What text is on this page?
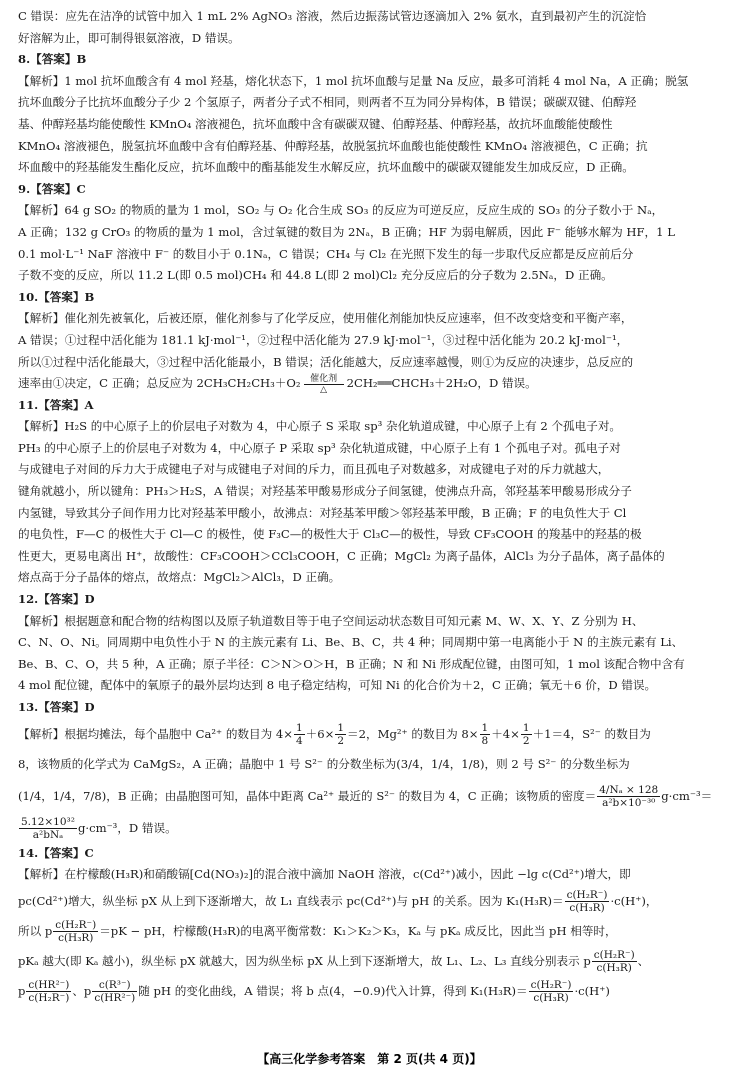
C 错误：应先在洁净的试管中加入 1 mL 2% AgNO₃ 溶液，然后边振荡试管边逐滴加入 2% 氨水，直到最初产生的沉淀恰

好溶解为止，即可制得银氨溶液，D 错误。

8.【答案】B

【解析】1 mol 抗坏血酸含有 4 mol 羟基，熔化状态下，1 mol 抗坏血酸与足量 Na 反应，最多可消耗 4 mol Na，A 正确；脱氢

抗坏血酸分子比抗坏血酸分子少 2 个氢原子，两者分子式不相同，则两者不互为同分异构体，B 错误；碳碳双键、伯醇羟

基、仲醇羟基均能使酸性 KMnO₄ 溶液褪色，抗坏血酸中含有碳碳双键、伯醇羟基、仲醇羟基，故抗坏血酸能使酸性

KMnO₄ 溶液褪色，脱氢抗坏血酸中含有伯醇羟基、仲醇羟基，故脱氢抗坏血酸也能使酸性 KMnO₄ 溶液褪色，C 正确；抗

坏血酸中的羟基能发生酯化反应，抗坏血酸中的酯基能发生水解反应，抗坏血酸中的碳碳双键能发生加成反应，D 正确。

9.【答案】C

【解析】64 g SO₂ 的物质的量为 1 mol，SO₂ 与 O₂ 化合生成 SO₃ 的反应为可逆反应，反应生成的 SO₃ 的分子数小于 Nₐ，

A 正确；132 g CrO₃ 的物质的量为 1 mol，含过氧键的数目为 2Nₐ，B 正确；HF 为弱电解质，因此 F⁻ 能够水解为 HF，1 L

0.1 mol·L⁻¹ NaF 溶液中 F⁻ 的数目小于 0.1Nₐ，C 错误；CH₄ 与 Cl₂ 在光照下发生的每一步取代反应都是反应前后分

子数不变的反应，所以 11.2 L(即 0.5 mol)CH₄ 和 44.8 L(即 2 mol)Cl₂ 充分反应后的分子数为 2.5Nₐ，D 正确。

10.【答案】B

【解析】催化剂先被氧化，后被还原，催化剂参与了化学反应，使用催化剂能加快反应速率，但不改变焓变和平衡产率，

A 错误；①过程中活化能为 181.1 kJ·mol⁻¹，②过程中活化能为 27.9 kJ·mol⁻¹，③过程中活化能为 20.2 kJ·mol⁻¹，

所以①过程中活化能最大，③过程中活化能最小，B 错误；活化能越大，反应速率越慢，则①为反应的决速步，总反应的

速率由①决定，C 正确；总反应为 2CH₃CH₂CH₃＋O₂ 催化剂
△ 2CH₂══CHCH₃＋2H₂O，D 错误。

11.【答案】A

【解析】H₂S 的中心原子上的价层电子对数为 4，中心原子 S 采取 sp³ 杂化轨道成键，中心原子上有 2 个孤电子对。

PH₃ 的中心原子上的价层电子对数为 4，中心原子 P 采取 sp³ 杂化轨道成键，中心原子上有 1 个孤电子对。孤电子对

与成键电子对间的斥力大于成键电子对与成键电子对间的斥力，而且孤电子对数越多，对成键电子对的斥力就越大，

键角就越小，所以键角：PH₃＞H₂S，A 错误；对羟基苯甲酸易形成分子间氢键，使沸点升高，邻羟基苯甲酸易形成分子

内氢键，导致其分子间作用力比对羟基苯甲酸小，故沸点：对羟基苯甲酸＞邻羟基苯甲酸，B 正确；F 的电负性大于 Cl

的电负性，F—C 的极性大于 Cl—C 的极性，使 F₃C—的极性大于 Cl₃C—的极性，导致 CF₃COOH 的羧基中的羟基的极

性更大，更易电离出 H⁺，故酸性：CF₃COOH＞CCl₃COOH，C 正确；MgCl₂ 为离子晶体，AlCl₃ 为分子晶体，离子晶体的

熔点高于分子晶体的熔点，故熔点：MgCl₂＞AlCl₃，D 正确。

12.【答案】D

【解析】根据题意和配合物的结构图以及原子轨道数目等于电子空间运动状态数目可知元素 M、W、X、Y、Z 分别为 H、

C、N、O、Ni。同周期中电负性小于 N 的主族元素有 Li、Be、B、C，共 4 种；同周期中第一电离能小于 N 的主族元素有 Li、

Be、B、C、O，共 5 种，A 正确；原子半径：C＞N＞O＞H，B 正确；N 和 Ni 形成配位键，由图可知，1 mol 该配合物中含有

4 mol 配位键，配体中的氧原子的最外层均达到 8 电子稳定结构，可知 Ni 的化合价为＋2，C 正确；氧无＋6 价，D 错误。

13.【答案】D

【解析】根据均摊法，每个晶胞中 Ca²⁺ 的数目为 $4\times \frac{1}{4} +6\times \frac{1}{2} =2$，Mg²⁺ 的数目为 $8\times \frac{1}{8} +4\times \frac{1}{2} +1=4$，S²⁻ 的数目为

8，该物质的化学式为 CaMgS₂，A 正确；晶胞中 1 号 S²⁻ 的分数坐标为(3/4，1/4，1/8)，则 2 号 S²⁻ 的分数坐标为

(1/4，1/4，7/8)，B 正确；由晶胞图可知，晶体中距离 Ca²⁺ 最近的 S²⁻ 的数目为 4，C 正确；该物质的密度＝ $\frac{\text{4/Nₐ × 128}}{\text{a²b×10⁻³⁰}} g\cdot cm^{-3}=$

$\frac{\text{5.12×10³²}}{\text{a²bNₐ}} g\cdot cm^{-3}$，D 错误。

14.【答案】C

【解析】在柠檬酸(H₃R)和硝酸镉[Cd(NO₃)₂]的混合液中滴加 NaOH 溶液，c(Cd²⁺)减小，因此 −lg c(Cd²⁺)增大，即

pc(Cd²⁺)增大，纵坐标 pX 从上到下逐渐增大，故 L₁ 直线表示 pc(Cd²⁺)与 pH 的关系。因为 $K_1(H_3R)= \frac{\text{c(H₂R⁻)}}{\text{c(H₃R)}} \cdot c(H^+)$，

所以 p $\frac{\text{c(H₂R⁻)}}{\text{c(H₃R)}} =pK$ − pH，柠檬酸(H₃R)的电离平衡常数：K₁＞K₂＞K₃，Kₐ 与 pKₐ 成反比，因此当 pH 相等时，

pKₐ 越大(即 Kₐ 越小)，纵坐标 pX 就越大，因为纵坐标 pX 从上到下逐渐增大，故 L₁、L₂、L₃ 直线分别表示 p $\frac{\text{c(H₂R⁻)}}{\text{c(H₃R)}}$ 、

p $\frac{\text{c(HR²⁻)}}{\text{c(H₂R⁻)}}$ 、p $\frac{\text{c(R³⁻)}}{\text{c(HR²⁻)}}$ 随 pH 的变化曲线，A 错误；将 b 点(4，−0.9)代入计算，得到 $K_1(H_3R)= \frac{\text{c(H₂R⁻)}}{\text{c(H₃R)}} \cdot c(H^+)$

【高三化学参考答案　第 2 页(共 4 页)】
